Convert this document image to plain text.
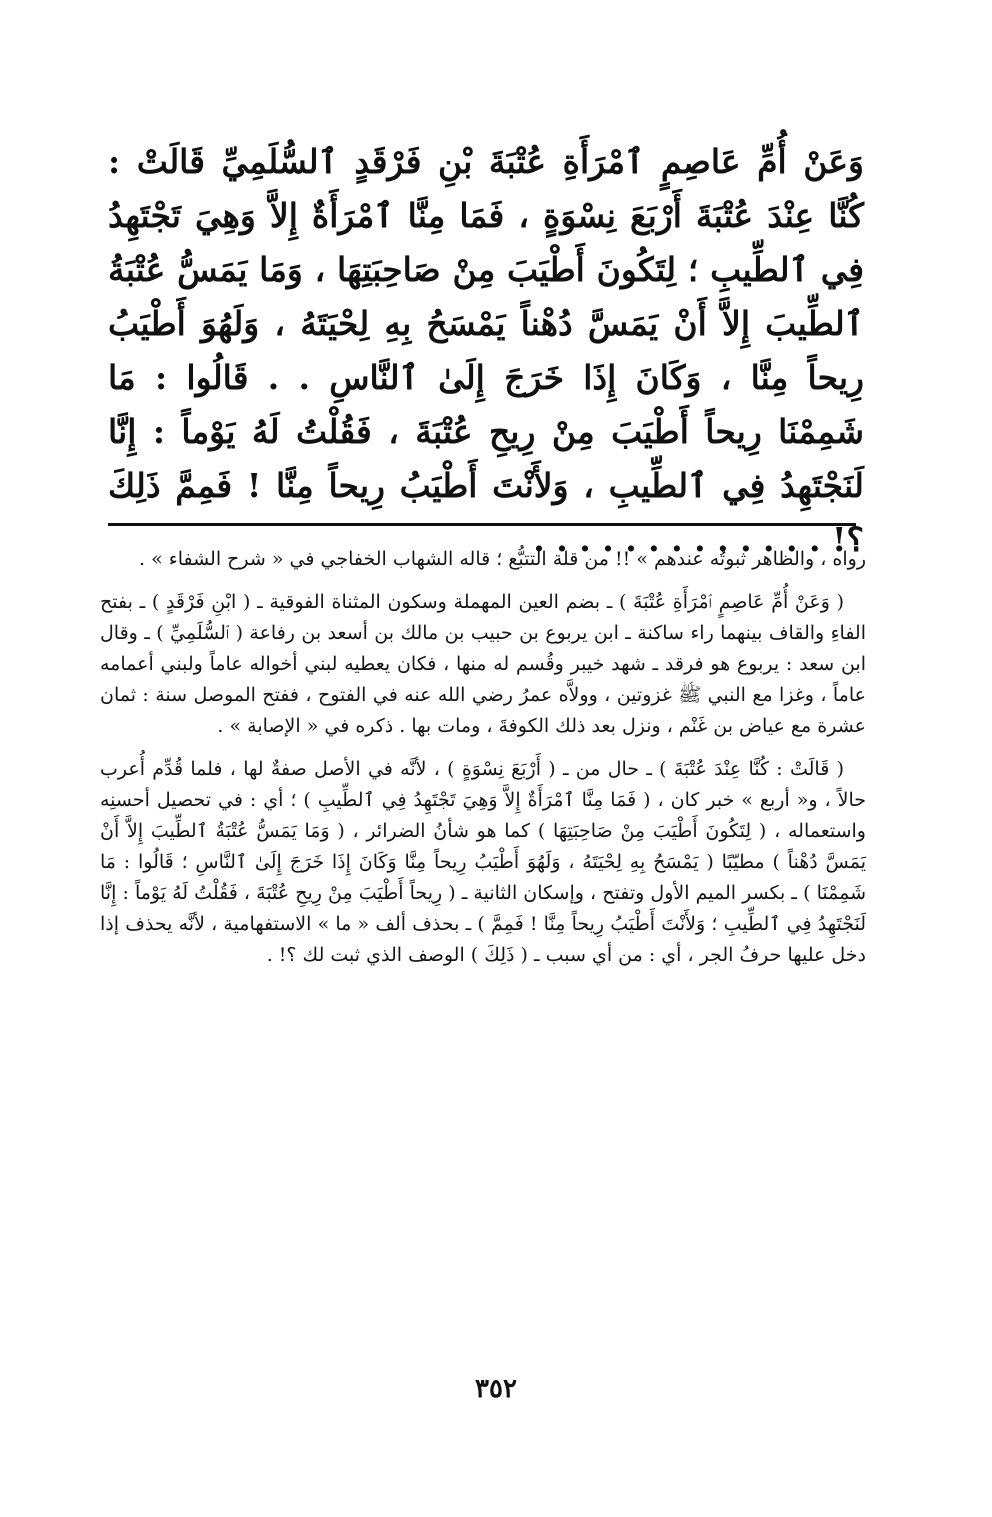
وَعَنْ أُمِّ عَاصِمٍ ٱمْرَأَةِ عُتْبَةَ بْنِ فَرْقَدٍ ٱلسُّلَمِيِّ قَالَتْ : كُنَّا عِنْدَ عُتْبَةَ أَرْبَعَ نِسْوَةٍ ، فَمَا مِنَّا ٱمْرَأَةٌ إِلاَّ وَهِيَ تَجْتَهِدُ فِي ٱلطِّيبِ ؛ لِتَكُونَ أَطْيَبَ مِنْ صَاحِبَتِهَا ، وَمَا يَمَسُّ عُتْبَةُ ٱلطِّيبَ إِلاَّ أَنْ يَمَسَّ دُهْناً يَمْسَحُ بِهِ لِحْيَتَهُ ، وَلَهُوَ أَطْيَبُ رِيحاً مِنَّا ، وَكَانَ إِذَا خَرَجَ إِلَىٰ ٱلنَّاسِ . . قَالُوا : مَا شَمِمْنَا رِيحاً أَطْيَبَ مِنْ رِيحِ عُتْبَةَ ، فَقُلْتُ لَهُ يَوْماً : إِنَّا لَنَجْتَهِدُ فِي ٱلطِّيبِ ، وَلأَنْتَ أَطْيَبُ رِيحاً مِنَّا ! فَمِمَّ ذَلِكَ ؟! . . . . . . . . . . . . .

رواه ، والظاهر ثبوتُه عندهم » !! من قلة التتبُّع ؛ قاله الشهاب الخفاجي في « شرح الشفاء » .

( وَعَنْ أُمِّ عَاصِمٍ ٱمْرَأَةِ عُتْبَةَ ) ـ بضم العين المهملة وسكون المثناة الفوقية ـ ( ابْنِ فَرْقَدٍ ) ـ بفتح الفاءِ والقاف بينهما راء ساكنة ـ ابن يربوع بن حبيب بن مالك بن أسعد بن رفاعة ( ٱلسُّلَمِيِّ ) ـ وقال ابن سعد : يربوع هو فرقد ـ شهد خيبر وقُسم له منها ، فكان يعطيه لبني أخواله عاماً ولبني أعمامه عاماً ، وغزا مع النبي ﷺ غزوتين ، وولاَّه عمرُ رضي الله عنه في الفتوح ، ففتح الموصل سنة : ثمان عشرة مع عياض بن غَنْم ، ونزل بعد ذلك الكوفةَ ، ومات بها . ذكره في « الإصابة » .

( قَالَتْ : كُنَّا عِنْدَ عُتْبَةَ ) ـ حال من ـ ( أَرْبَعَ نِسْوَةٍ ) ، لأنَّه في الأصل صفةٌ لها ، فلما قُدِّم أُعرب حالاً ، و« أربع » خبر كان ، ( فَمَا مِنَّا ٱمْرَأَةٌ إِلاَّ وَهِيَ تَجْتَهِدُ فِي ٱلطِّيبِ ) ؛ أي : في تحصيل أحسنِه واستعماله ، ( لِتَكُونَ أَطْيَبَ مِنْ صَاحِبَتِهَا ) كما هو شأنُ الضرائر ، ( وَمَا يَمَسُّ عُتْبَةُ ٱلطِّيبَ إِلاَّ أَنْ يَمَسَّ دُهْناً ) مطيّبًا ( يَمْسَحُ بِهِ لِحْيَتَهُ ، وَلَهُوَ أَطْيَبُ رِيحاً مِنَّا وَكَانَ إِذَا خَرَجَ إِلَىٰ ٱلنَّاسِ ؛ قَالُوا : مَا شَمِمْنَا ) ـ بكسر الميم الأول وتفتح ، وإسكان الثانية ـ ( رِيحاً أَطْيَبَ مِنْ رِيحِ عُتْبَةَ ، فَقُلْتُ لَهُ يَوْماً : إِنَّا لَنَجْتَهِدُ فِي ٱلطِّيبِ ؛ وَلأَنْتَ أَطْيَبُ رِيحاً مِنَّا ! فَمِمَّ ) ـ بحذف ألف « ما » الاستفهامية ، لأنَّه يحذف إذا دخل عليها حرفُ الجر ، أي : من أي سبب ـ ( ذَلِكَ ) الوصف الذي ثبت لك ؟! .

٣٥٢
